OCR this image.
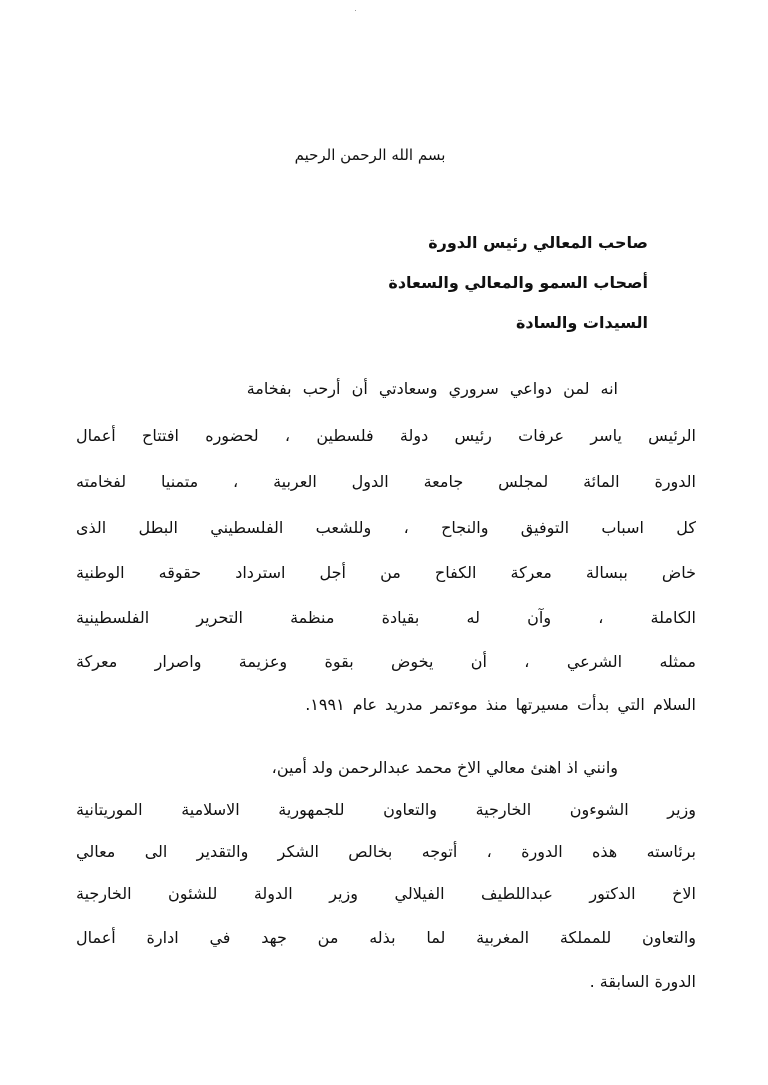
بسم الله الرحمن الرحيم
صاحب المعالي رئيس الدورة
أصحاب السمو والمعالي والسعادة
السيدات والسادة
انه لمن دواعي سروري وسعادتي أن أرحب بفخامة
الرئيس ياسر عرفات رئيس دولة فلسطين ، لحضوره افتتاح أعمال
الدورة المائة لمجلس جامعة الدول العربية ، متمنيا لفخامته
كل اسباب التوفيق والنجاح ، وللشعب الفلسطيني البطل الذى
خاض ببسالة معركة الكفاح من أجل استرداد حقوقه الوطنية
الكاملة ، وآن له بقيادة منظمة التحرير الفلسطينية
ممثله الشرعي ، أن يخوض بقوة وعزيمة واصرار معركة
السلام التي بدأت مسيرتها منذ موءتمر مدريد عام ١٩٩١.
وانني اذ اهنئ معالي الاخ محمد عبدالرحمن ولد أمين،
وزير الشوءون الخارجية والتعاون للجمهورية الاسلامية الموريتانية
برئاسته هذه الدورة ، أتوجه بخالص الشكر والتقدير الى معالي
الاخ الدكتور عبداللطيف الفيلالي وزير الدولة للشئون الخارجية
والتعاون للمملكة المغربية لما بذله من جهد في ادارة أعمال
الدورة السابقة .
